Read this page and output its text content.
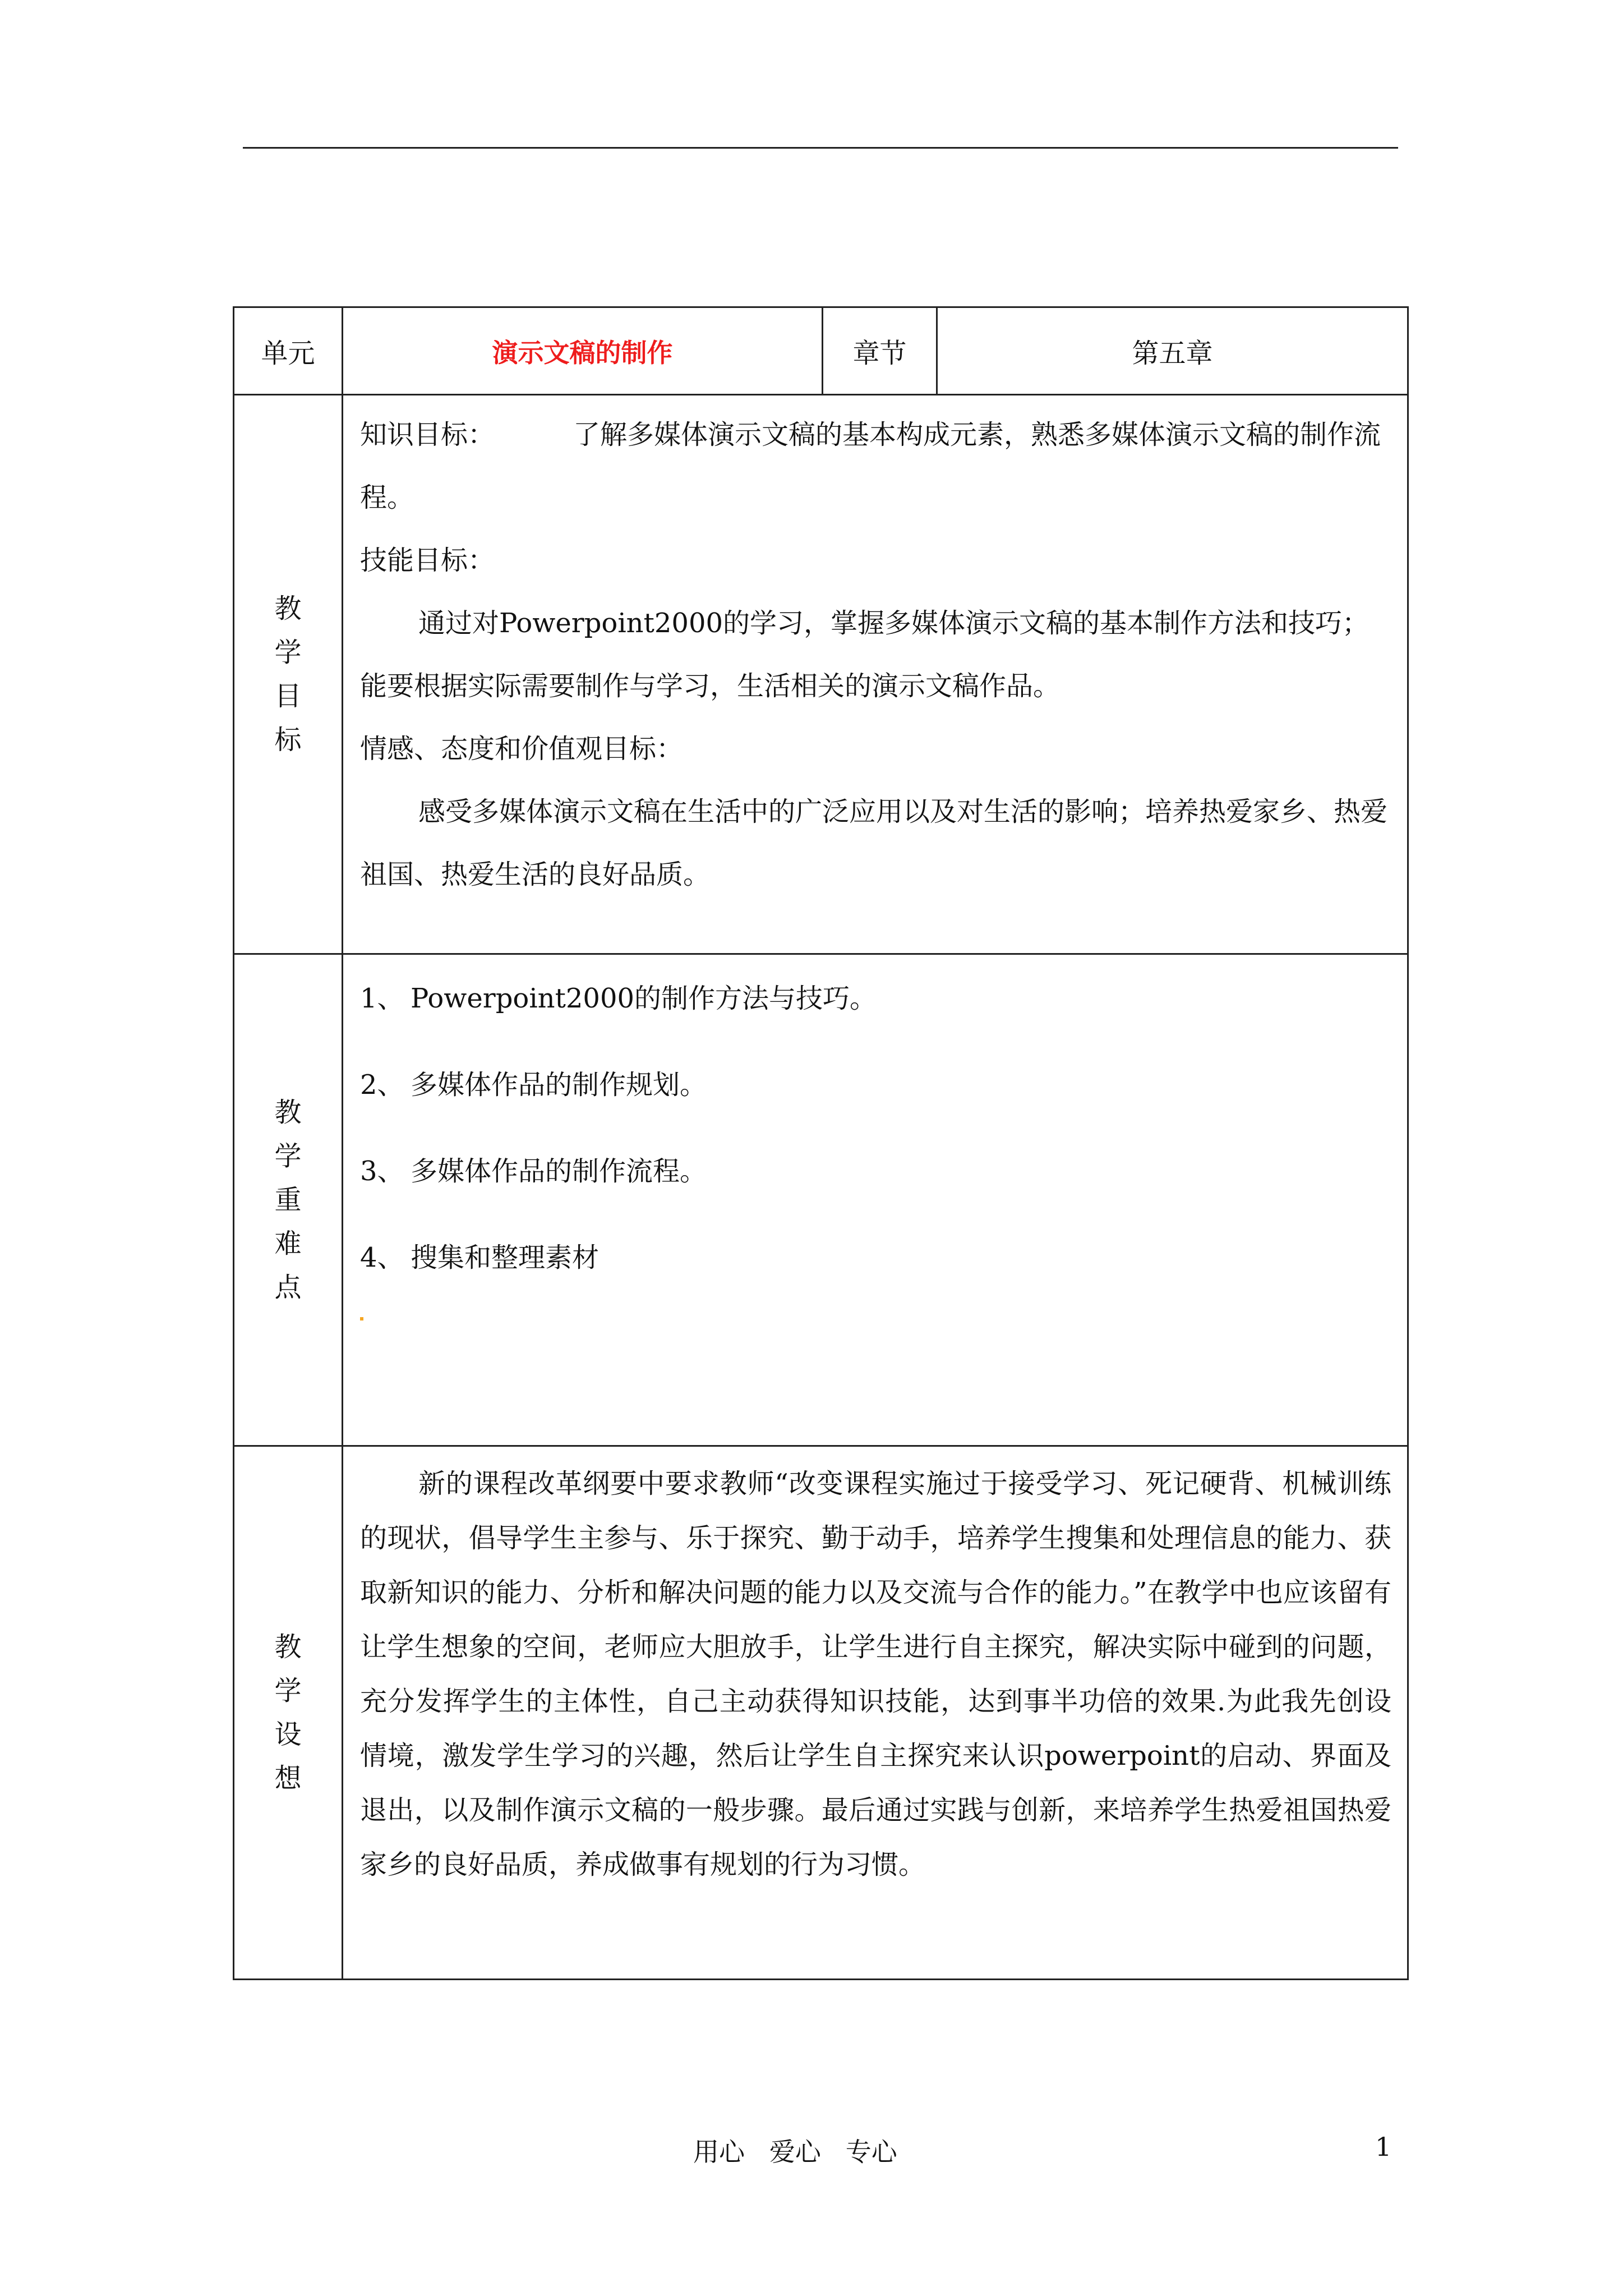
单元	演示文稿的制作	章节	第五章
教学目标	知识目标： 了解多媒体演示文稿的基本构成元素，熟悉多媒体演示文稿的制作流程。

技能目标：

通过对Powerpoint2000的学习，掌握多媒体演示文稿的基本制作方法和技巧；能要根据实际需要制作与学习，生活相关的演示文稿作品。

情感、态度和价值观目标：

感受多媒体演示文稿在生活中的广泛应用以及对生活的影响；培养热爱家乡、热爱祖国、热爱生活的良好品质。		

教学重难点	1、 Powerpoint2000的制作方法与技巧。
2、 多媒体作品的制作规划。
3、 多媒体作品的制作流程。
4、 搜集和整理素材		

教学设想	新的课程改革纲要中要求教师“改变课程实施过于接受学习、死记硬背、机械训练的现状，倡导学生主参与、乐于探究、勤于动手，培养学生搜集和处理信息的能力、获取新知识的能力、分析和解决问题的能力以及交流与合作的能力。”在教学中也应该留有让学生想象的空间，老师应大胆放手，让学生进行自主探究，解决实际中碰到的问题，充分发挥学生的主体性，自己主动获得知识技能，达到事半功倍的效果.为此我先创设情境，激发学生学习的兴趣，然后让学生自主探究来认识powerpoint的启动、界面及退出，以及制作演示文稿的一般步骤。最后通过实践与创新，来培养学生热爱祖国热爱家乡的良好品质，养成做事有规划的行为习惯。		
用心   爱心   专心	1
